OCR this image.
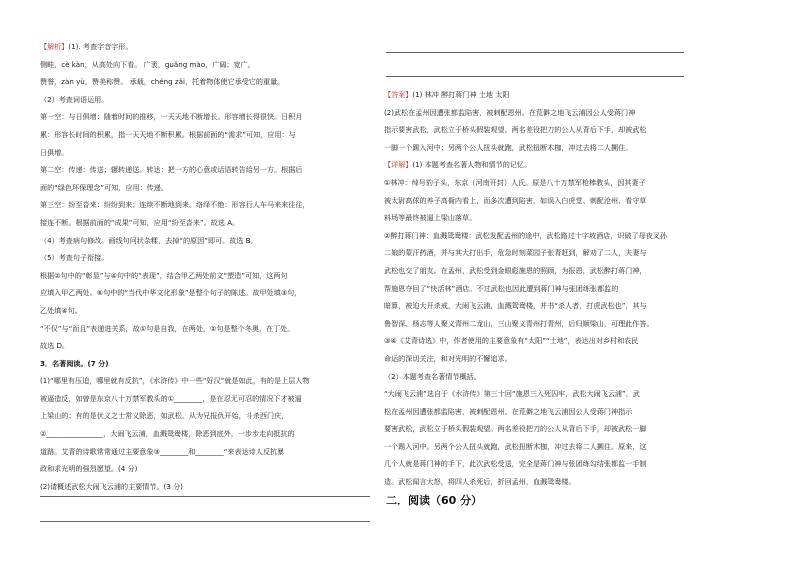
【解析】(1). 考查字音字形。
侧畦，cè kàn，从高处向下看。 广袤，guǎng mào，广阔；宽广。
赞誉，zàn yù，赞美称赞。 承载，chéng zǎi，托着物体使它承受它的重量。
（2）考查词语运用。
第一空：与日俱增：随着时间的推移，一天天地不断增长。形容增长得很快。日积月
累：形容长时间的积累，指一天天地不断积累。根据前面的“需求”可知，应用：与
日俱增。
第二空：传递：传送；辗转递送。转达：把一方的心意或话语转告给另一方。根据后
面的“绿色环保理念”可知，应用：传递。
第三空：纷至沓来：纷纷到来；连续不断地到来。络绎不绝：形容行人车马来来往往，
接连不断。根据前面的“成果”可知，应用“纷至沓来”。故选 A。
（4）考查病句修改。画线句问状杂糅，去掉“的原因”即可。故选 B。
（5）考查句子衔接。
根据②句中的“彰显”与④句中的“表现”，结合甲乙两处前文“塑造”可知，这两句
应填入甲乙两处。⑥句中的“当代中华文化形象”是整个句子的陈述。故甲处填③句，
乙处填④句。
“不仅”与“而且”表递进关系，故①句是自我，在两处，①句是整个冬奥，在丁处。
故选 D。
3．名著阅读。(7 分)
(1)“哪里有压迫，哪里就有反抗”，《水浒传》中一些“好汉”就是如此，有的是上层人物
被逼造反，如曾是东京八十万禁军教头的①________，是在忍无可忍的情况下才被逼
上梁山的；有的是伏义之士常义除恶，如武松，从为兄报仇开始，斗杀西门庆，
②________________，大闹飞云浦，血溅鸳鸯楼，除恶到底外，一步步走向抵抗的
道路。艾青的诗歌常常通过主要意象③________和________“来表达诗人反抗暴
政和求光明的强烈愿望。(4 分)
(2)请概述武松大闹飞云浦的主要情节。(3 分)
【答案】(1) 林冲 醉打蒋门神 土地 太阳
(2)武松在孟州因遭张都监陷害，被刺配恩州。在荒僻之地飞云浦因公人受蒋门神
指示要害武松，武松立于桥头假装观望。两名差役把刀的公人从背后下手，却被武松
一脚一个踢入河中；另两个公人扭头就跑，武松扭断木枷，冲过去将二人搠住。
【详解】(1) 本题考查名著人物和情节的记忆。
①林冲：绰号豹子头，东京（河南开封）人氏。原是八十万禁军枪棒教头，因其妻子
被太尉高俅的养子高衙内看上，而多次遭到陷害，如误入白虎堂、刺配沧州、看守草
料场等最终被逼上梁山落草。
②醉打蒋门神：血溅鸳鸯楼：武松发配孟州的途中，武松路过十字坡酒店，识破了母夜叉孙
二娘的蒙汗药酒，并与其大打出手，危急时刻菜园子张青赶到，解劝了二人，夫妻与
武松也交了朋友。在孟州，武松受到金眼彪施恩的照顾，为报恩，武松醉打蒋门神，
帮施恩夺回了“快活林”酒店。不过武松也因此遭到蒋门神与张团练张都监的
暗算，被迫大开杀戒，大闹飞云浦，血溅鸳鸯楼，并书“杀人者，打虎武松也”，其与
鲁智深、杨志等人聚义青州二龙山，三山聚义青州打青州，后归顺梁山，可理此作答。
③④《艾青诗选》中，作者使用的主要意象有“太阳”“土地”，表达出对乡村和农民
命运的深切关注，和对光明的不懈追求。
（2）本题考查名著情节概括。
“大闹飞云浦”选自于《水浒传》第三十回“施恩三入死囚牢，武松大闹飞云浦”，武
松在孟州因遭张都监陷害，被刺配恩州。在荒僻之地飞云浦因公人受蒋门神指示
要害武松，武松立于桥头假装观望。两名差役把刀的公人从背后下手，却被武松一脚
一个踢入河中。另两个公人扭头就跑，武松扭断木枷，冲过去将二人搠住。原来，这
几个人就是蒋门神的手下，此次武松受送，完全是蒋门神与张团练勾结张都监一手制
造。武松闻言大怒，将四人杀死后，折回孟州，血溅鸳鸯楼。
二．阅读（60 分）
